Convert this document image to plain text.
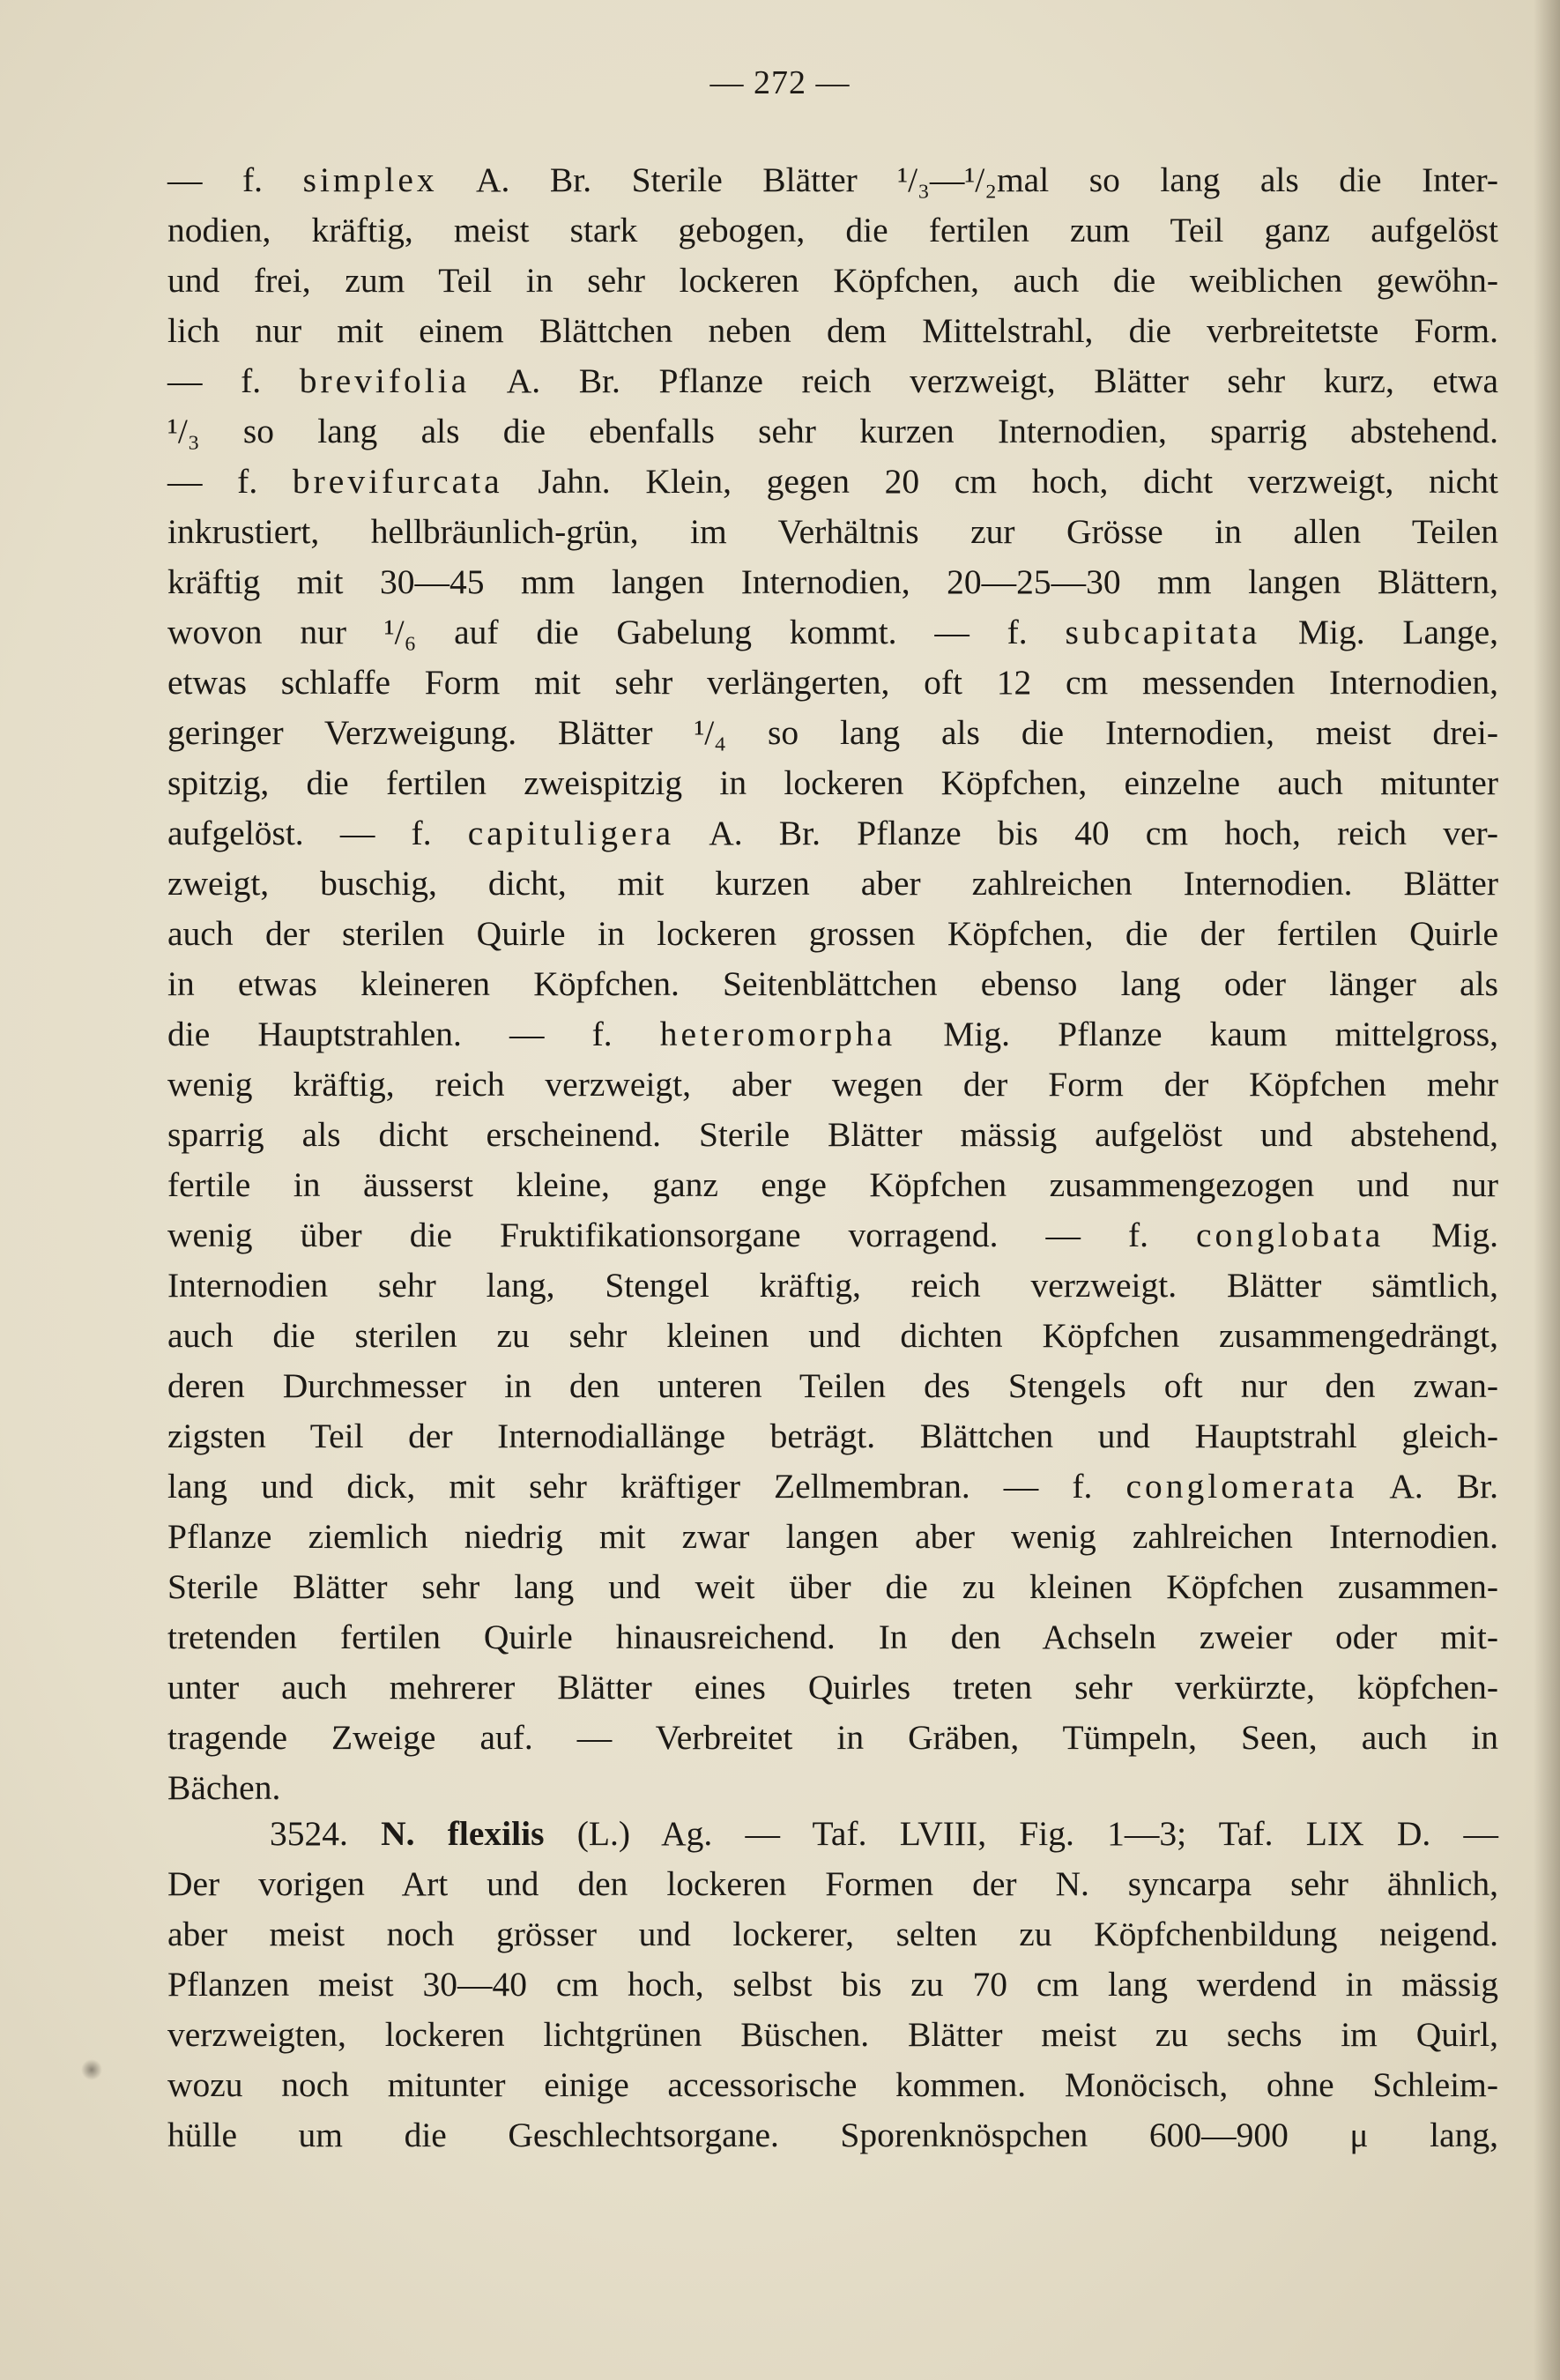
— 272 —
— f. simplex A. Br. Sterile Blätter ¹/₃—¹/₂mal so lang als die Inter-
nodien, kräftig, meist stark gebogen, die fertilen zum Teil ganz aufgelöst
und frei, zum Teil in sehr lockeren Köpfchen, auch die weiblichen gewöhn-
lich nur mit einem Blättchen neben dem Mittelstrahl, die verbreitetste Form.
— f. brevifolia A. Br. Pflanze reich verzweigt, Blätter sehr kurz, etwa
¹/₃ so lang als die ebenfalls sehr kurzen Internodien, sparrig abstehend.
— f. brevifurcata Jahn. Klein, gegen 20 cm hoch, dicht verzweigt, nicht
inkrustiert, hellbräunlich-grün, im Verhältnis zur Grösse in allen Teilen
kräftig mit 30—45 mm langen Internodien, 20—25—30 mm langen Blättern,
wovon nur ¹/₆ auf die Gabelung kommt. — f. subcapitata Mig. Lange,
etwas schlaffe Form mit sehr verlängerten, oft 12 cm messenden Internodien,
geringer Verzweigung. Blätter ¹/₄ so lang als die Internodien, meist drei-
spitzig, die fertilen zweispitzig in lockeren Köpfchen, einzelne auch mitunter
aufgelöst. — f. capituligera A. Br. Pflanze bis 40 cm hoch, reich ver-
zweigt, buschig, dicht, mit kurzen aber zahlreichen Internodien. Blätter
auch der sterilen Quirle in lockeren grossen Köpfchen, die der fertilen Quirle
in etwas kleineren Köpfchen. Seitenblättchen ebenso lang oder länger als
die Hauptstrahlen. — f. heteromorpha Mig. Pflanze kaum mittelgross,
wenig kräftig, reich verzweigt, aber wegen der Form der Köpfchen mehr
sparrig als dicht erscheinend. Sterile Blätter mässig aufgelöst und abstehend,
fertile in äusserst kleine, ganz enge Köpfchen zusammengezogen und nur
wenig über die Fruktifikationsorgane vorragend. — f. conglobata Mig.
Internodien sehr lang, Stengel kräftig, reich verzweigt. Blätter sämtlich,
auch die sterilen zu sehr kleinen und dichten Köpfchen zusammengedrängt,
deren Durchmesser in den unteren Teilen des Stengels oft nur den zwan-
zigsten Teil der Internodiallänge beträgt. Blättchen und Hauptstrahl gleich-
lang und dick, mit sehr kräftiger Zellmembran. — f. conglomerata A. Br.
Pflanze ziemlich niedrig mit zwar langen aber wenig zahlreichen Internodien.
Sterile Blätter sehr lang und weit über die zu kleinen Köpfchen zusammen-
tretenden fertilen Quirle hinausreichend. In den Achseln zweier oder mit-
unter auch mehrerer Blätter eines Quirles treten sehr verkürzte, köpfchen-
tragende Zweige auf. — Verbreitet in Gräben, Tümpeln, Seen, auch in
Bächen.
3524. N. flexilis (L.) Ag. — Taf. LVIII, Fig. 1—3; Taf. LIX D. —
Der vorigen Art und den lockeren Formen der N. syncarpa sehr ähnlich,
aber meist noch grösser und lockerer, selten zu Köpfchenbildung neigend.
Pflanzen meist 30—40 cm hoch, selbst bis zu 70 cm lang werdend in mässig
verzweigten, lockeren lichtgrünen Büschen. Blätter meist zu sechs im Quirl,
wozu noch mitunter einige accessorische kommen. Monöcisch, ohne Schleim-
hülle um die Geschlechtsorgane. Sporenknöspchen 600—900 μ lang,
